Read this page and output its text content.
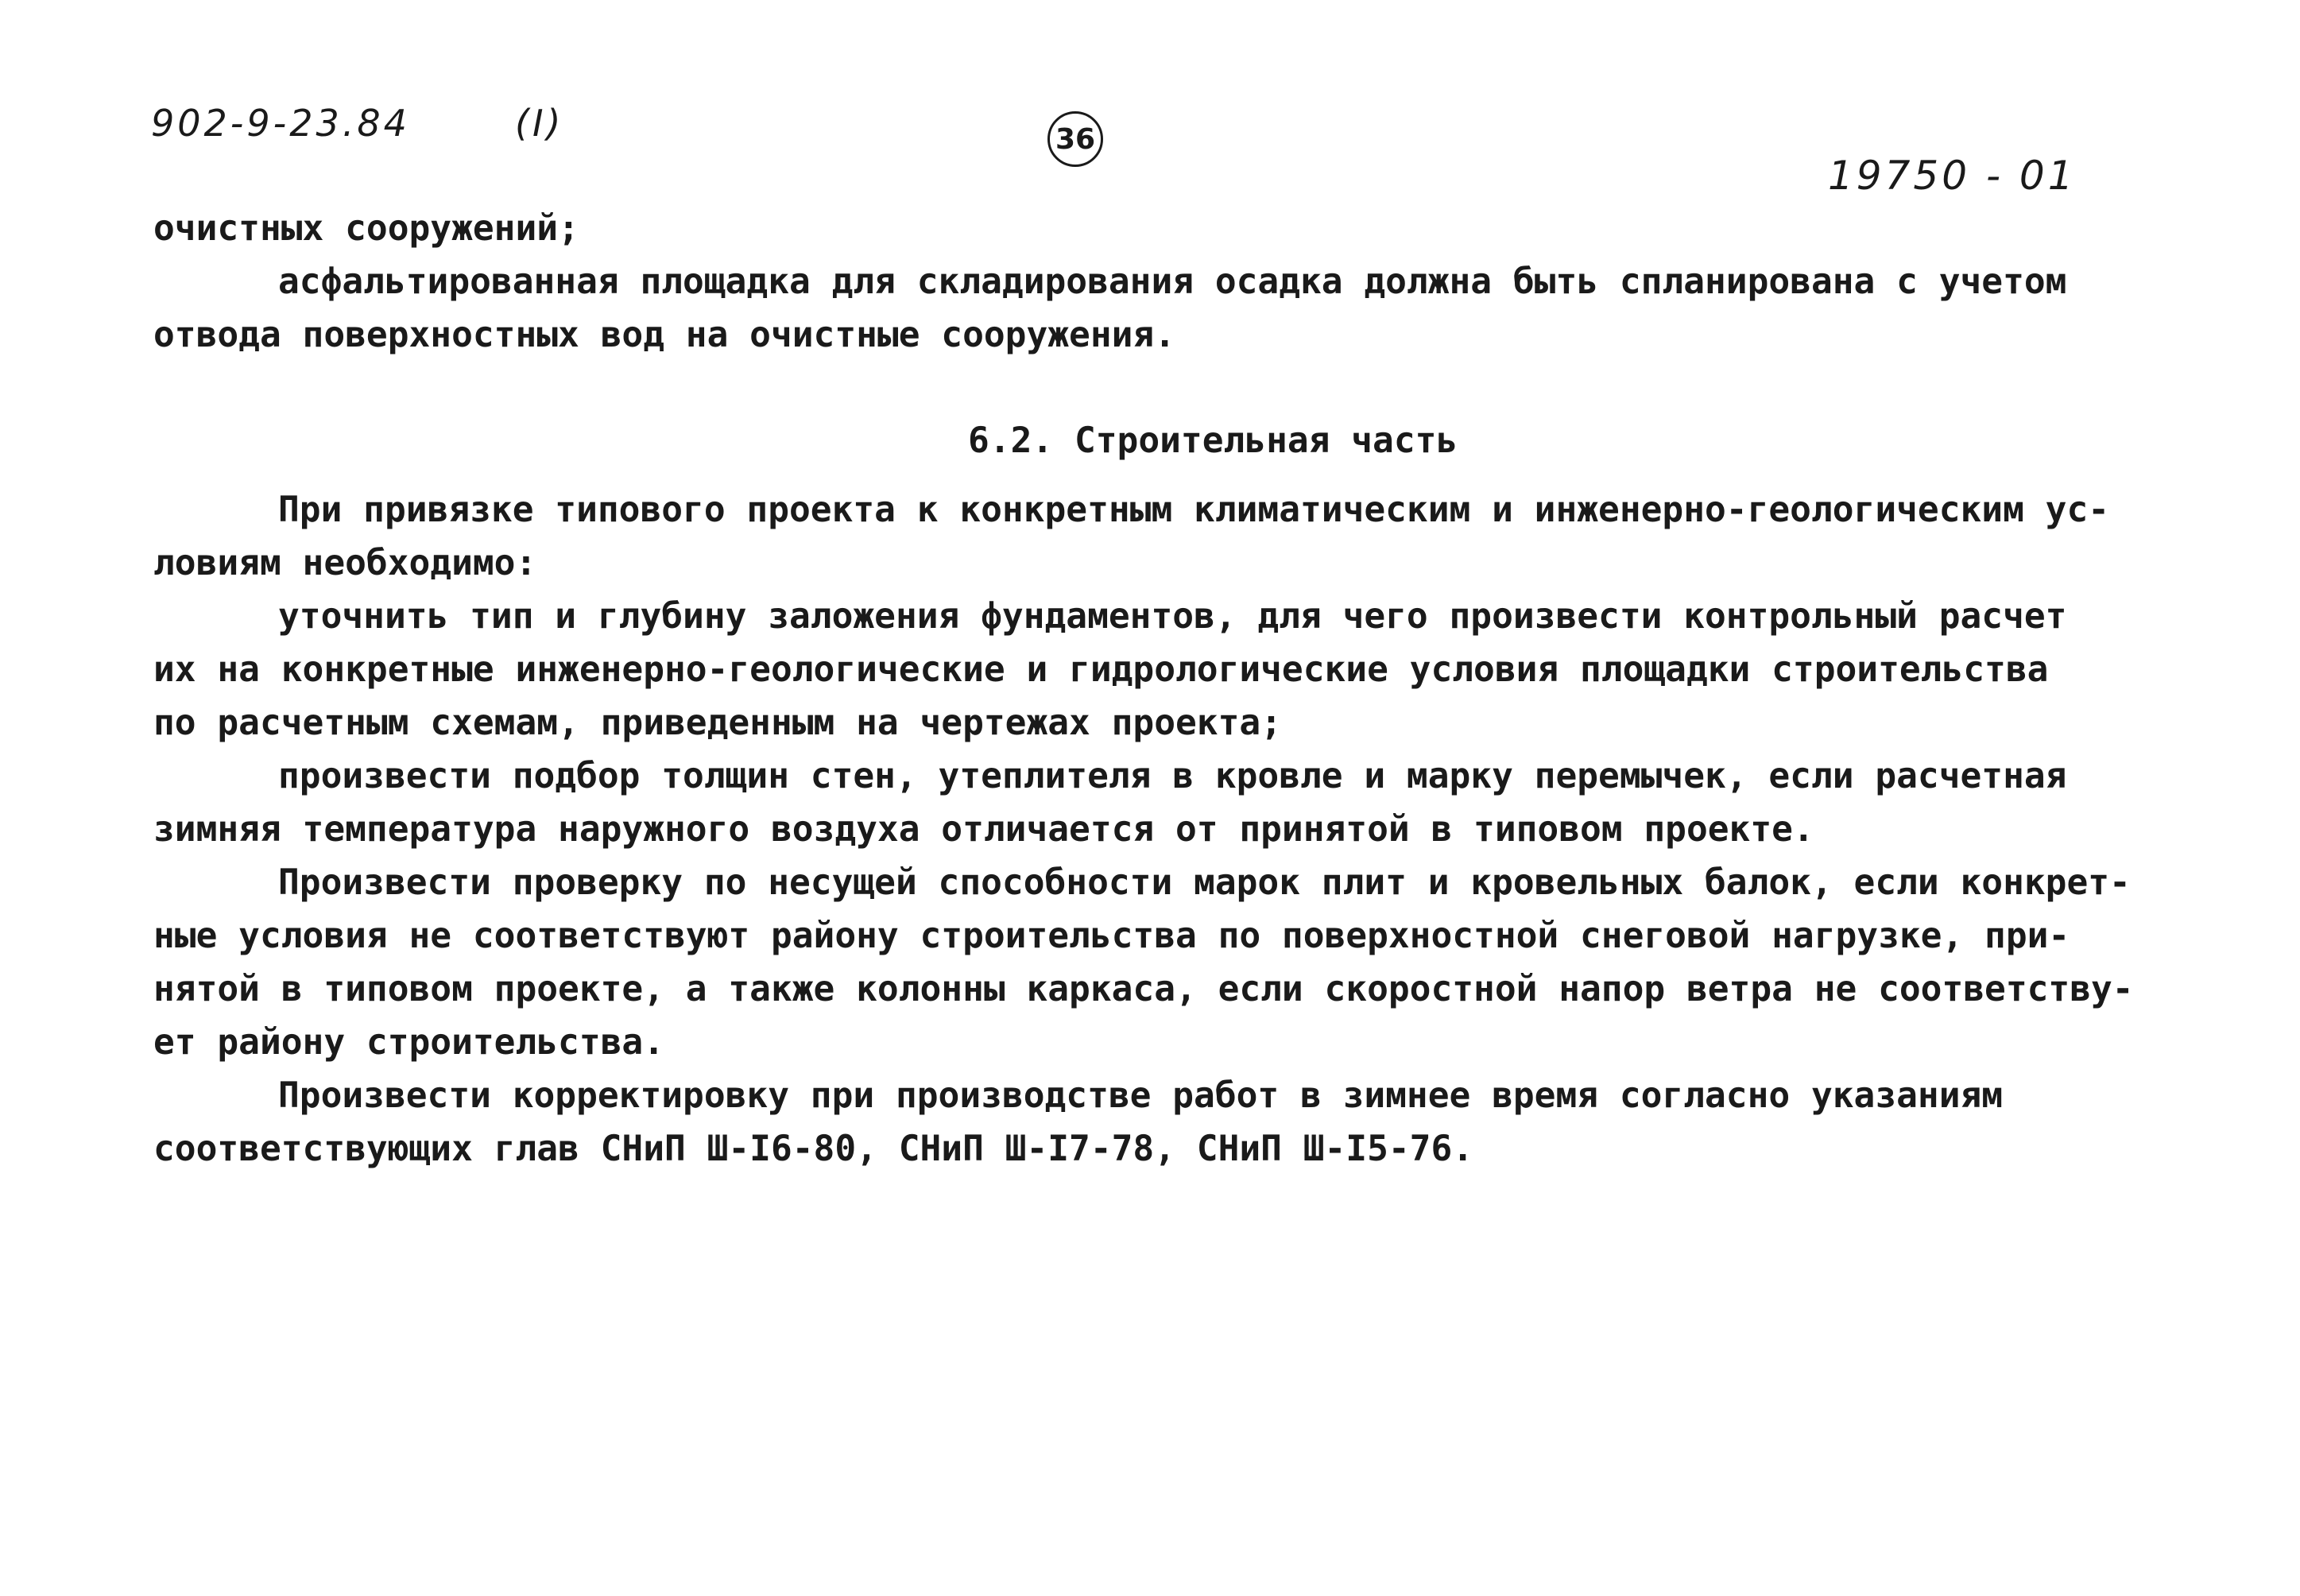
902-9-23.84	(I)	36
19750 - 01
очистных сооружений;
асфальтированная площадка для складирования осадка должна быть спланирована с учетом
отвода поверхностных вод на очистные сооружения.
6.2. Строительная часть
При привязке типового проекта к конкретным климатическим и инженерно-геологическим ус-
ловиям необходимо:
уточнить тип и глубину заложения фундаментов, для чего произвести контрольный расчет
их на конкретные инженерно-геологические и гидрологические условия площадки строительства
по расчетным схемам, приведенным на чертежах проекта;
произвести подбор толщин стен, утеплителя в кровле и марку перемычек, если расчетная
зимняя температура наружного воздуха отличается от принятой в типовом проекте.
Произвести проверку по несущей способности марок плит и кровельных балок, если конкрет-
ные условия не соответствуют району строительства по поверхностной снеговой нагрузке, при-
нятой в типовом проекте, а также колонны каркаса, если скоростной напор ветра не соответству-
ет району строительства.
Произвести корректировку при производстве работ в зимнее время согласно указаниям
соответствующих глав СНиП Ш-I6-80, СНиП Ш-I7-78, СНиП Ш-I5-76.
